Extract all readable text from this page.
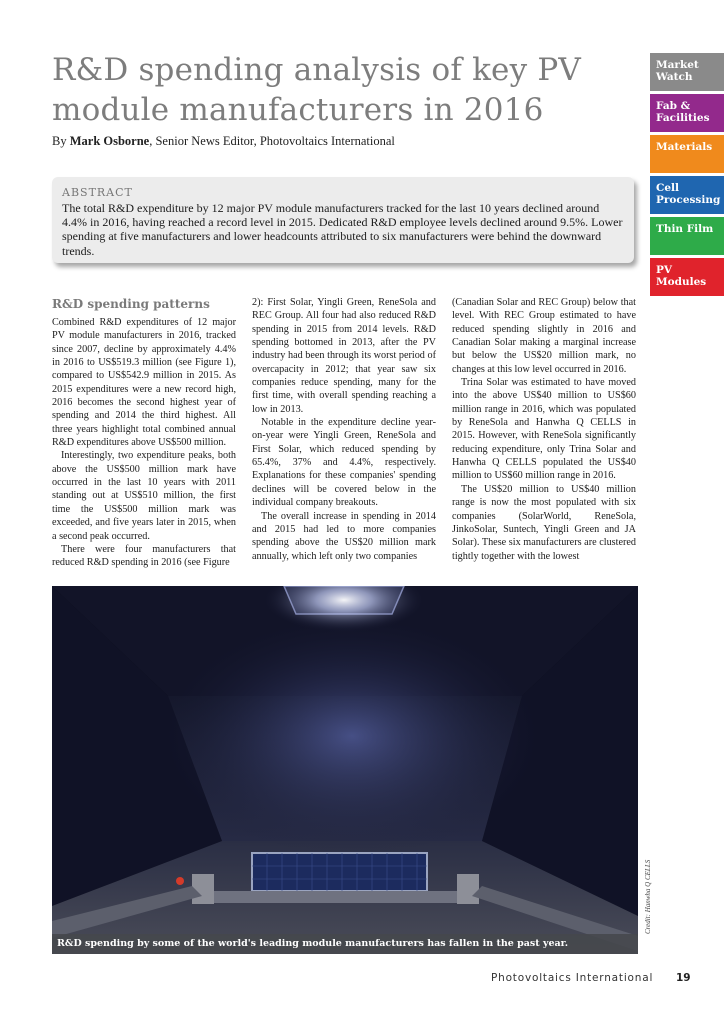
R&D spending analysis of key PV module manufacturers in 2016
By Mark Osborne, Senior News Editor, Photovoltaics International
ABSTRACT

The total R&D expenditure by 12 major PV module manufacturers tracked for the last 10 years declined around 4.4% in 2016, having reached a record level in 2015. Dedicated R&D employee levels declined around 9.5%. Lower spending at five manufacturers and lower headcounts attributed to six manufacturers were behind the downward trends.

R&D spending patterns

Combined R&D expenditures of 12 major PV module manufacturers in 2016, tracked since 2007, decline by approximately 4.4% in 2016 to US$519.3 million (see Figure 1), compared to US$542.9 million in 2015. As 2015 expenditures were a new record high, 2016 becomes the second highest year of spending and 2014 the third highest. All three years highlight total combined annual R&D expenditures above US$500 million.

Interestingly, two expenditure peaks, both above the US$500 million mark have occurred in the last 10 years with 2011 standing out at US$510 million, the first time the US$500 million mark was exceeded, and five years later in 2015, when a second peak occurred.

There were four manufacturers that reduced R&D spending in 2016 (see Figure

2): First Solar, Yingli Green, ReneSola and REC Group. All four had also reduced R&D spending in 2015 from 2014 levels. R&D spending bottomed in 2013, after the PV industry had been through its worst period of overcapacity in 2012; that year saw six companies reduce spending, many for the first time, with overall spending reaching a low in 2013.

Notable in the expenditure decline year-on-year were Yingli Green, ReneSola and First Solar, which reduced spending by 65.4%, 37% and 4.4%, respectively. Explanations for these companies' spending declines will be covered below in the individual company breakouts.

The overall increase in spending in 2014 and 2015 had led to more companies spending above the US$20 million mark annually, which left only two companies

(Canadian Solar and REC Group) below that level. With REC Group estimated to have reduced spending slightly in 2016 and Canadian Solar making a marginal increase but below the US$20 million mark, no changes at this low level occurred in 2016.

Trina Solar was estimated to have moved into the above US$40 million to US$60 million range in 2016, which was populated by ReneSola and Hanwha Q CELLS in 2015. However, with ReneSola significantly reducing expenditure, only Trina Solar and Hanwha Q CELLS populated the US$40 million to US$60 million range in 2016.

The US$20 million to US$40 million range is now the most populated with six companies (SolarWorld, ReneSola, JinkoSolar, Suntech, Yingli Green and JA Solar). These six manufacturers are clustered tightly together with the lowest

Market Watch
Fab & Facilities
Materials
Cell Processing
Thin Film
PV Modules
R&D spending by some of the world's leading module manufacturers has fallen in the past year.
Credit: Hanwha Q CELLS
Photovoltaics International 19
